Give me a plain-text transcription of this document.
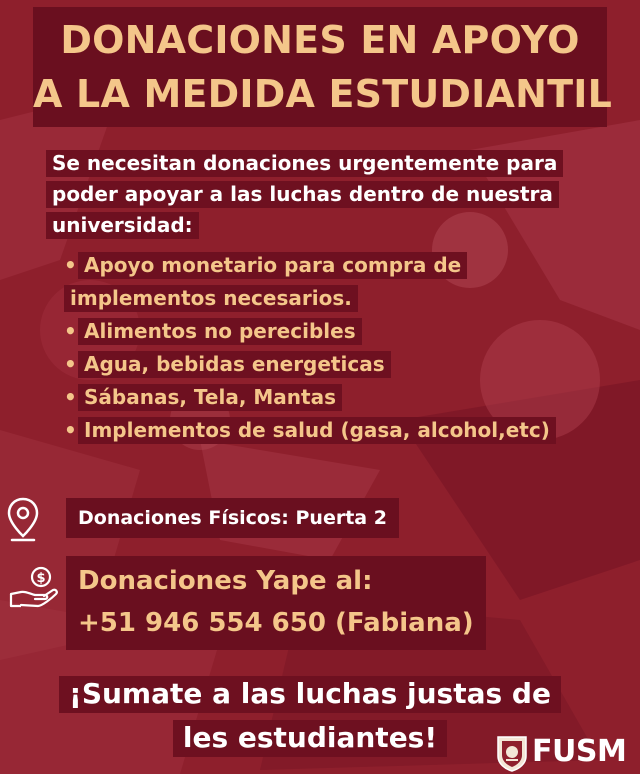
DONACIONES EN APOYO
A LA MEDIDA ESTUDIANTIL
Se necesitan donaciones urgentemente para
poder apoyar a las luchas dentro de nuestra
universidad:
• Apoyo monetario para compra de
implementos necesarios.
• Alimentos no perecibles
• Agua, bebidas energeticas
• Sábanas, Tela, Mantas
• Implementos de salud (gasa, alcohol,etc)
Donaciones Físicos: Puerta 2
$ Donaciones Yape al:
+51 946 554 650 (Fabiana)
¡Sumate a las luchas justas de
les estudiantes!	FUSM
